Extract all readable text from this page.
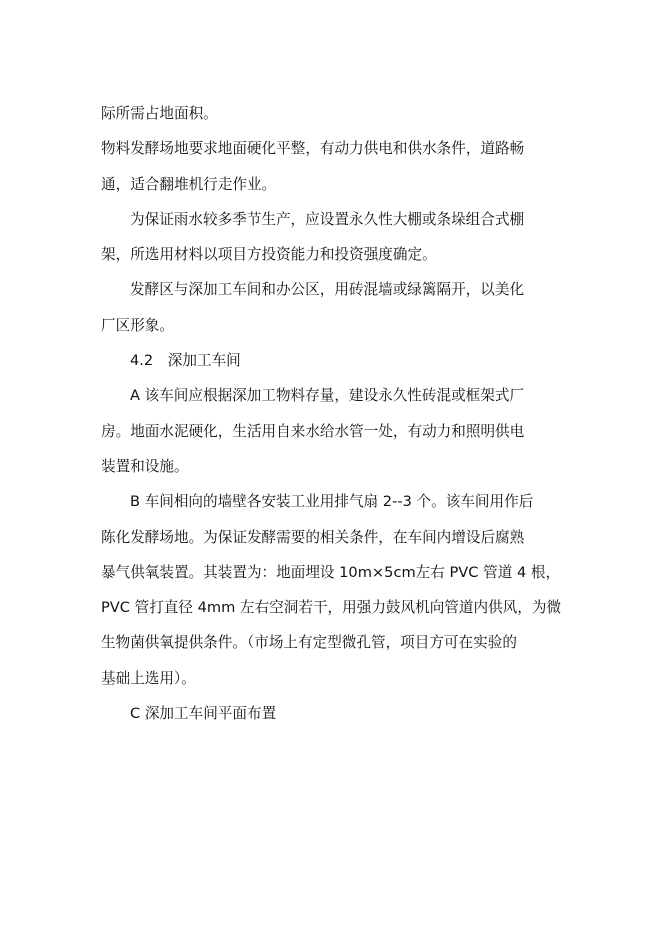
际所需占地面积。
物料发酵场地要求地面硬化平整，有动力供电和供水条件，道路畅
通，适合翻堆机行走作业。
为保证雨水较多季节生产，应设置永久性大棚或条垛组合式棚
架，所选用材料以项目方投资能力和投资强度确定。
发酵区与深加工车间和办公区，用砖混墙或绿篱隔开，以美化
厂区形象。
4.2　深加工车间
A 该车间应根据深加工物料存量，建设永久性砖混或框架式厂
房。地面水泥硬化，生活用自来水给水管一处，有动力和照明供电
装置和设施。
B 车间相向的墙壁各安装工业用排气扇 2--3 个。该车间用作后
陈化发酵场地。为保证发酵需要的相关条件，在车间内增设后腐熟
暴气供氧装置。其装置为：地面埋设 10m×5cm左右 PVC 管道 4 根，
PVC 管打直径 4mm 左右空洞若干，用强力鼓风机向管道内供风，为微
生物菌供氧提供条件。（市场上有定型微孔管，项目方可在实验的
基础上选用）。
C 深加工车间平面布置
